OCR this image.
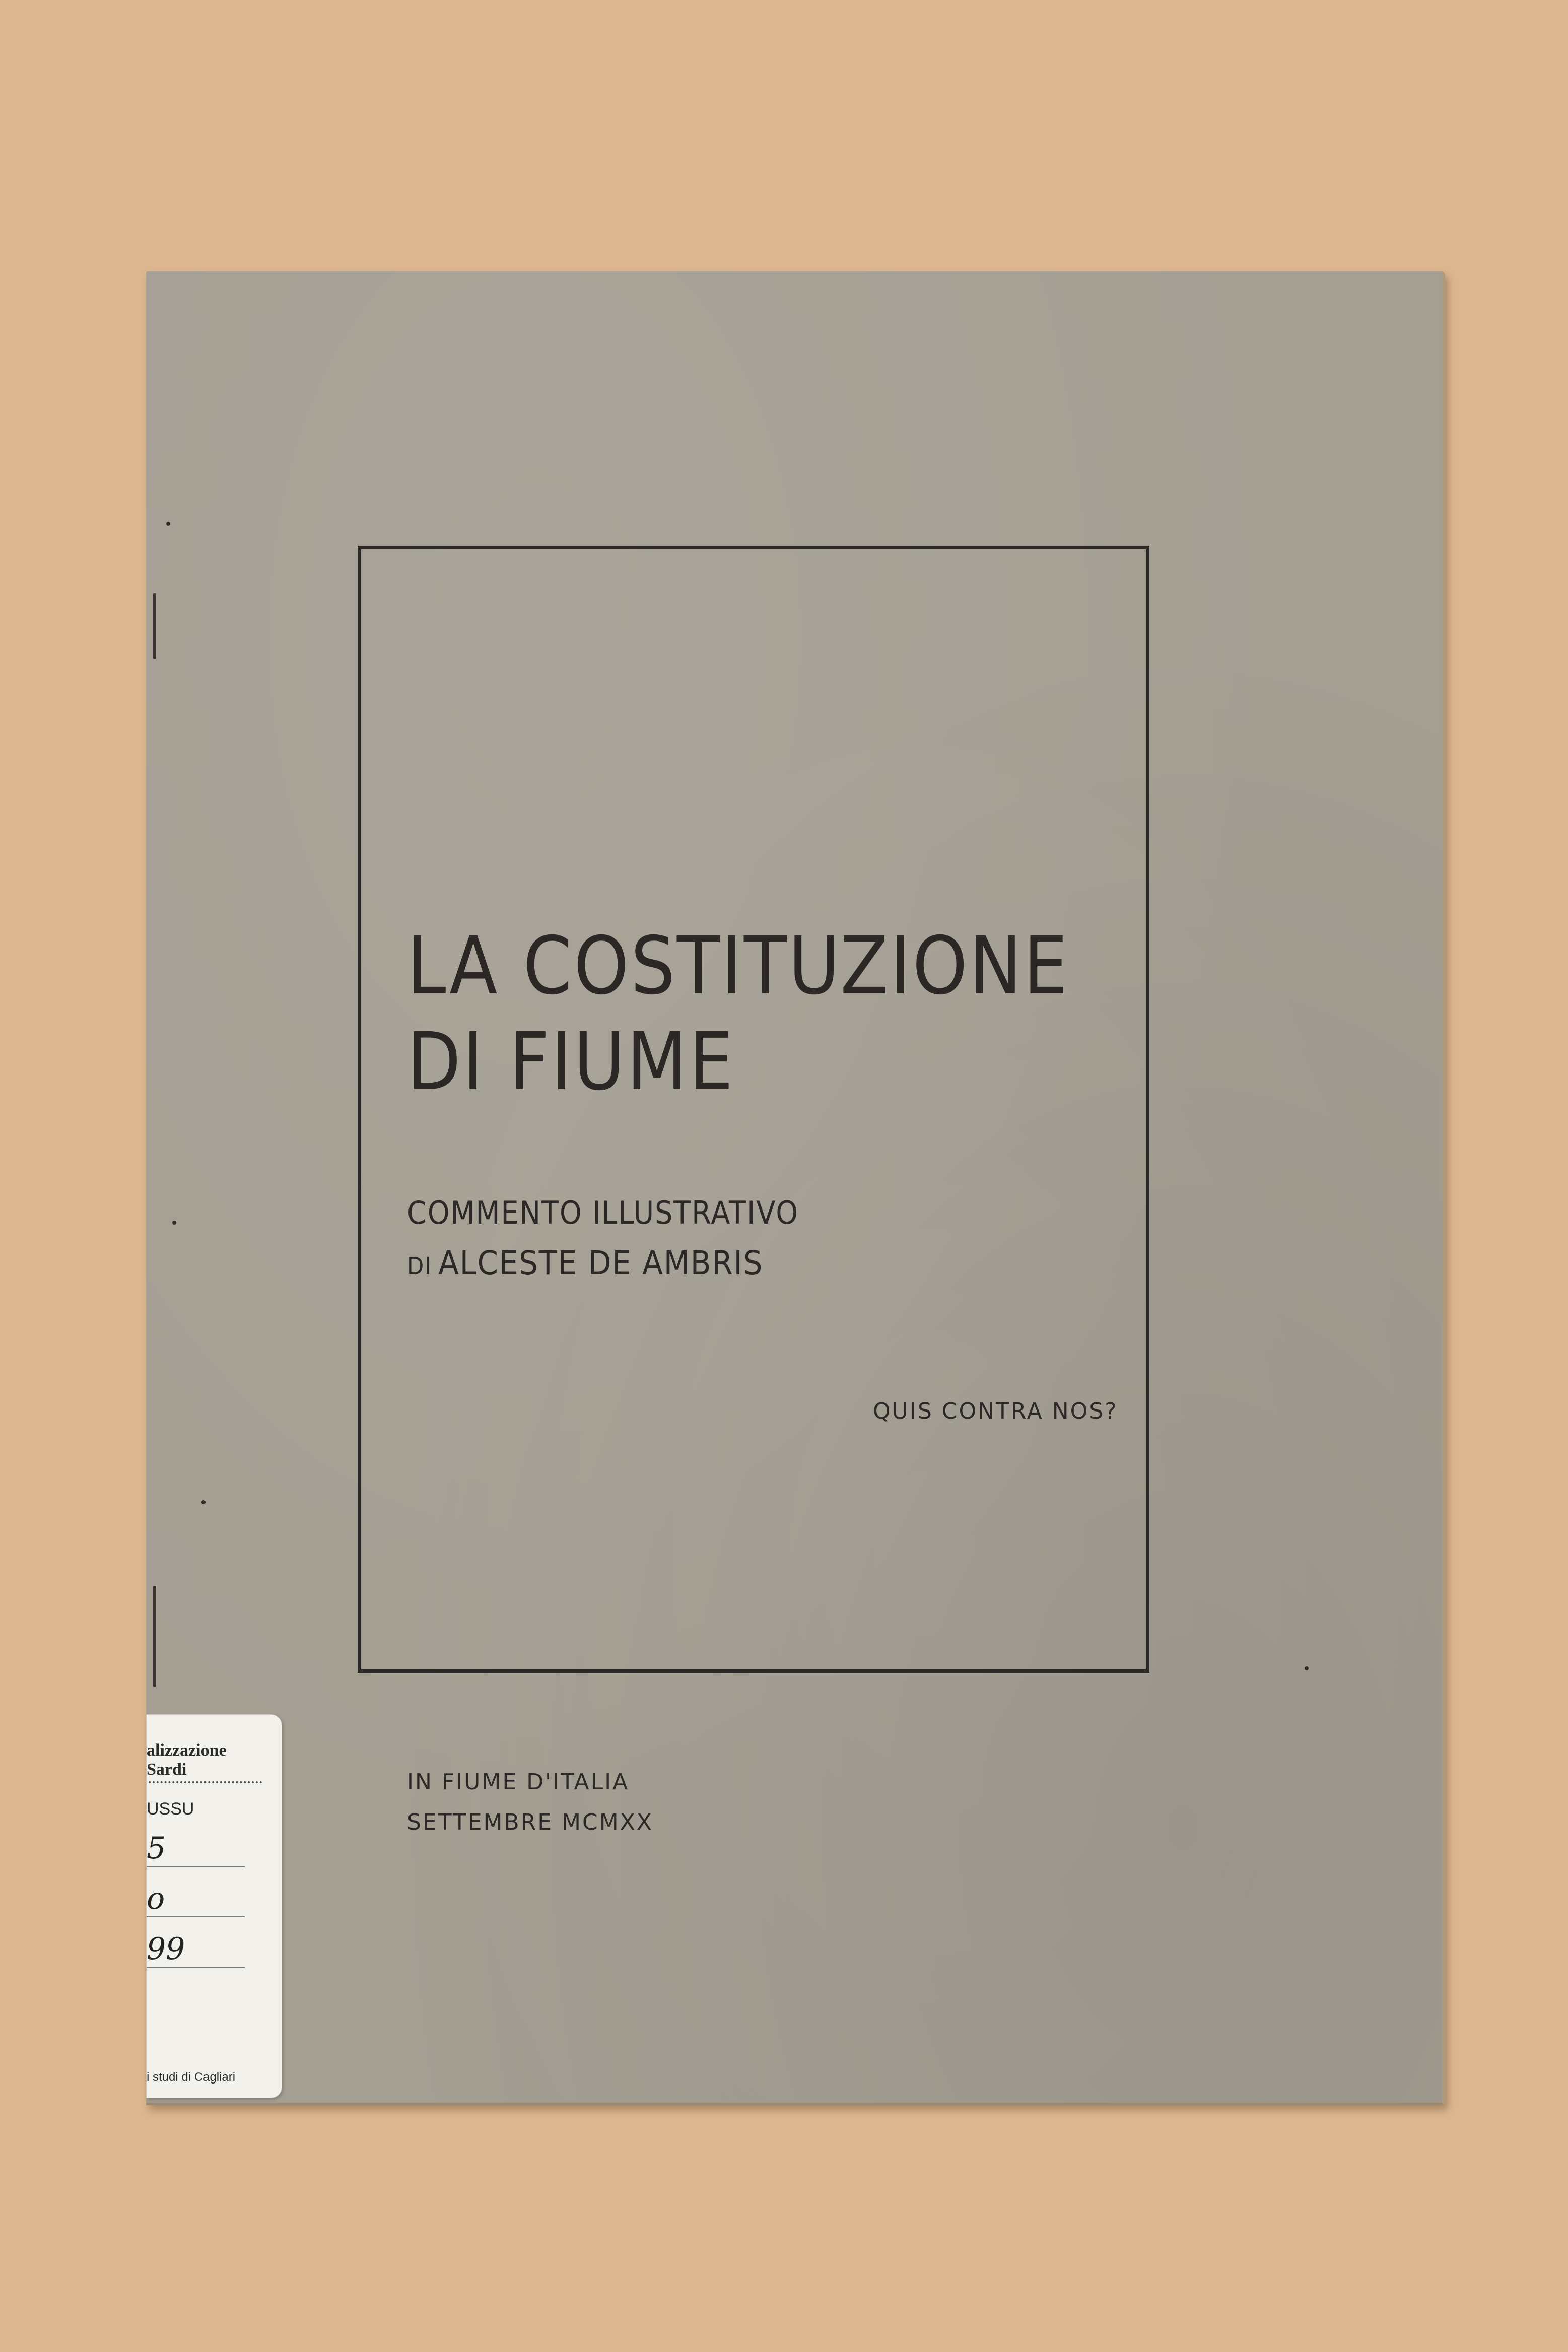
LA COSTITUZIONE
DI FIUME
COMMENTO ILLUSTRATIVO
DI ALCESTE DE AMBRIS
QUIS CONTRA NOS?
IN FIUME D'ITALIA
SETTEMBRE MCMXX
alizzazione
Sardi
USSU
5
o
99
i studi di Cagliari
